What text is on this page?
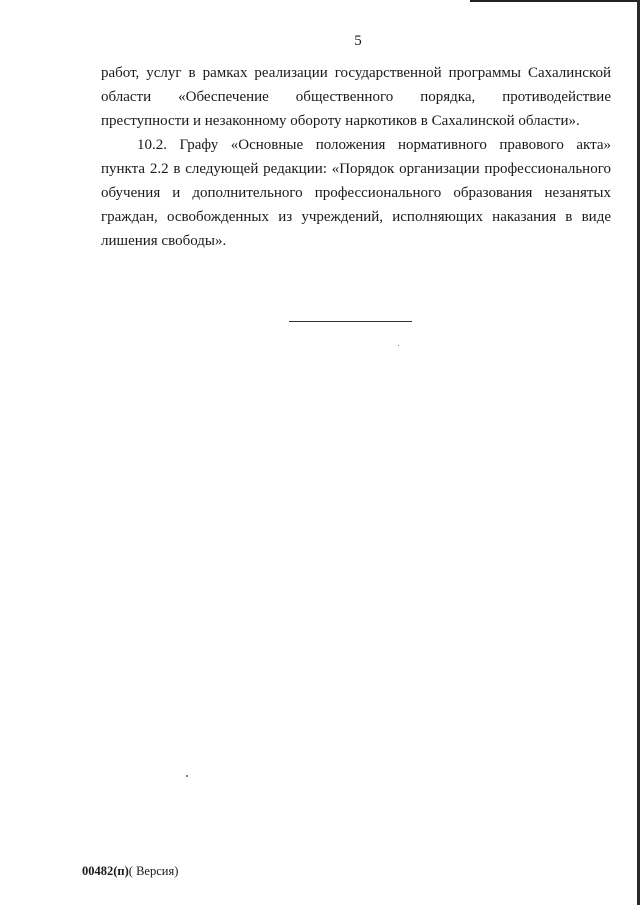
5

работ, услуг в рамках реализации государственной программы Сахалинской
области «Обеспечение общественного порядка, противодействие
преступности и незаконному обороту наркотиков в Сахалинской области».

10.2. Графу «Основные положения нормативного правового акта»
пункта 2.2 в следующей редакции: «Порядок организации профессионального
обучения и дополнительного профессионального образования незанятых
граждан, освобожденных из учреждений, исполняющих наказания в виде
лишения свободы».

00482(п)( Версия)
